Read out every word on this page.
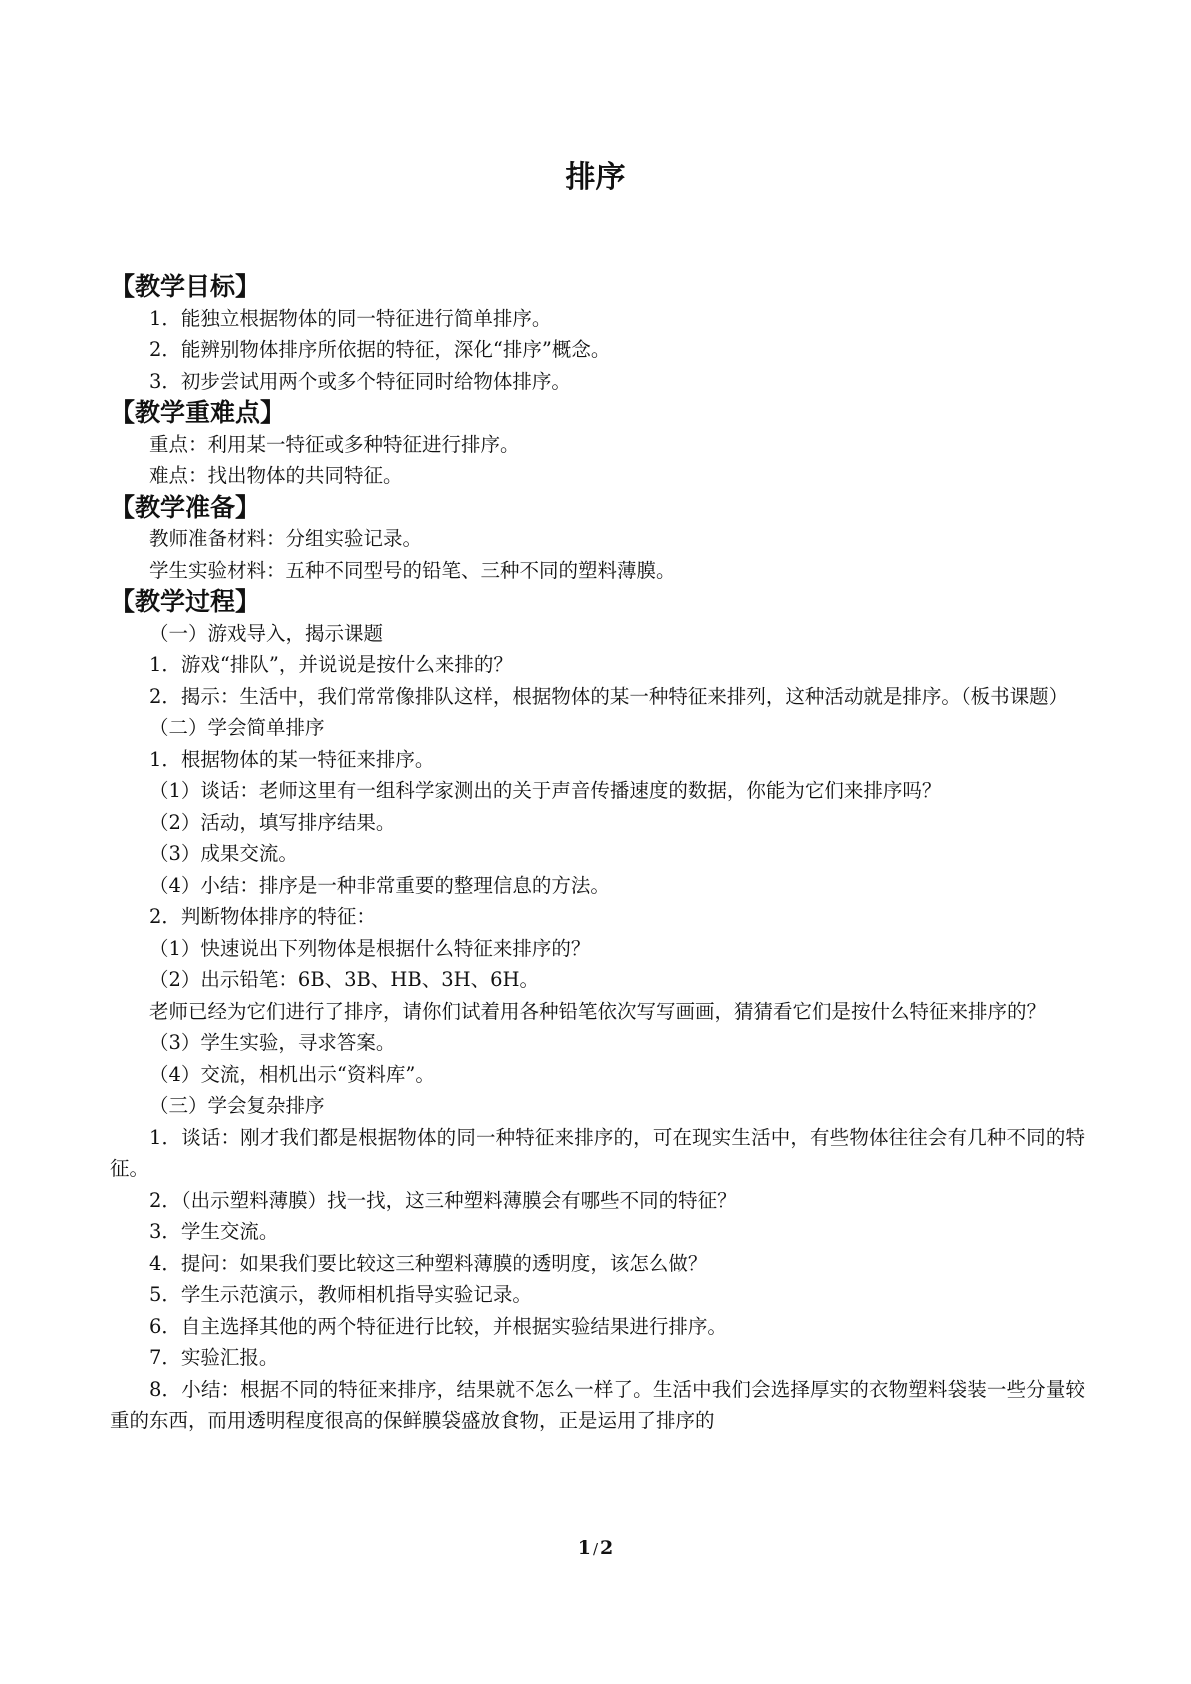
排序
【教学目标】
1．能独立根据物体的同一特征进行简单排序。
2．能辨别物体排序所依据的特征，深化“排序”概念。
3．初步尝试用两个或多个特征同时给物体排序。
【教学重难点】
重点：利用某一特征或多种特征进行排序。
难点：找出物体的共同特征。
【教学准备】
教师准备材料：分组实验记录。
学生实验材料：五种不同型号的铅笔、三种不同的塑料薄膜。
【教学过程】
（一）游戏导入，揭示课题
1．游戏“排队”，并说说是按什么来排的？
2．揭示：生活中，我们常常像排队这样，根据物体的某一种特征来排列，这种活动就是排序。（板书课题）
（二）学会简单排序
1．根据物体的某一特征来排序。
（1）谈话：老师这里有一组科学家测出的关于声音传播速度的数据，你能为它们来排序吗？
（2）活动，填写排序结果。
（3）成果交流。
（4）小结：排序是一种非常重要的整理信息的方法。
2．判断物体排序的特征：
（1）快速说出下列物体是根据什么特征来排序的？
（2）出示铅笔：6B、3B、HB、3H、6H。
老师已经为它们进行了排序，请你们试着用各种铅笔依次写写画画，猜猜看它们是按什么特征来排序的？
（3）学生实验，寻求答案。
（4）交流，相机出示“资料库”。
（三）学会复杂排序
1．谈话：刚才我们都是根据物体的同一种特征来排序的，可在现实生活中，有些物体往往会有几种不同的特征。
2．（出示塑料薄膜）找一找，这三种塑料薄膜会有哪些不同的特征？
3．学生交流。
4．提问：如果我们要比较这三种塑料薄膜的透明度，该怎么做？
5．学生示范演示，教师相机指导实验记录。
6．自主选择其他的两个特征进行比较，并根据实验结果进行排序。
7．实验汇报。
8．小结：根据不同的特征来排序，结果就不怎么一样了。生活中我们会选择厚实的衣物塑料袋装一些分量较重的东西，而用透明程度很高的保鲜膜袋盛放食物，正是运用了排序的
1 / 2
